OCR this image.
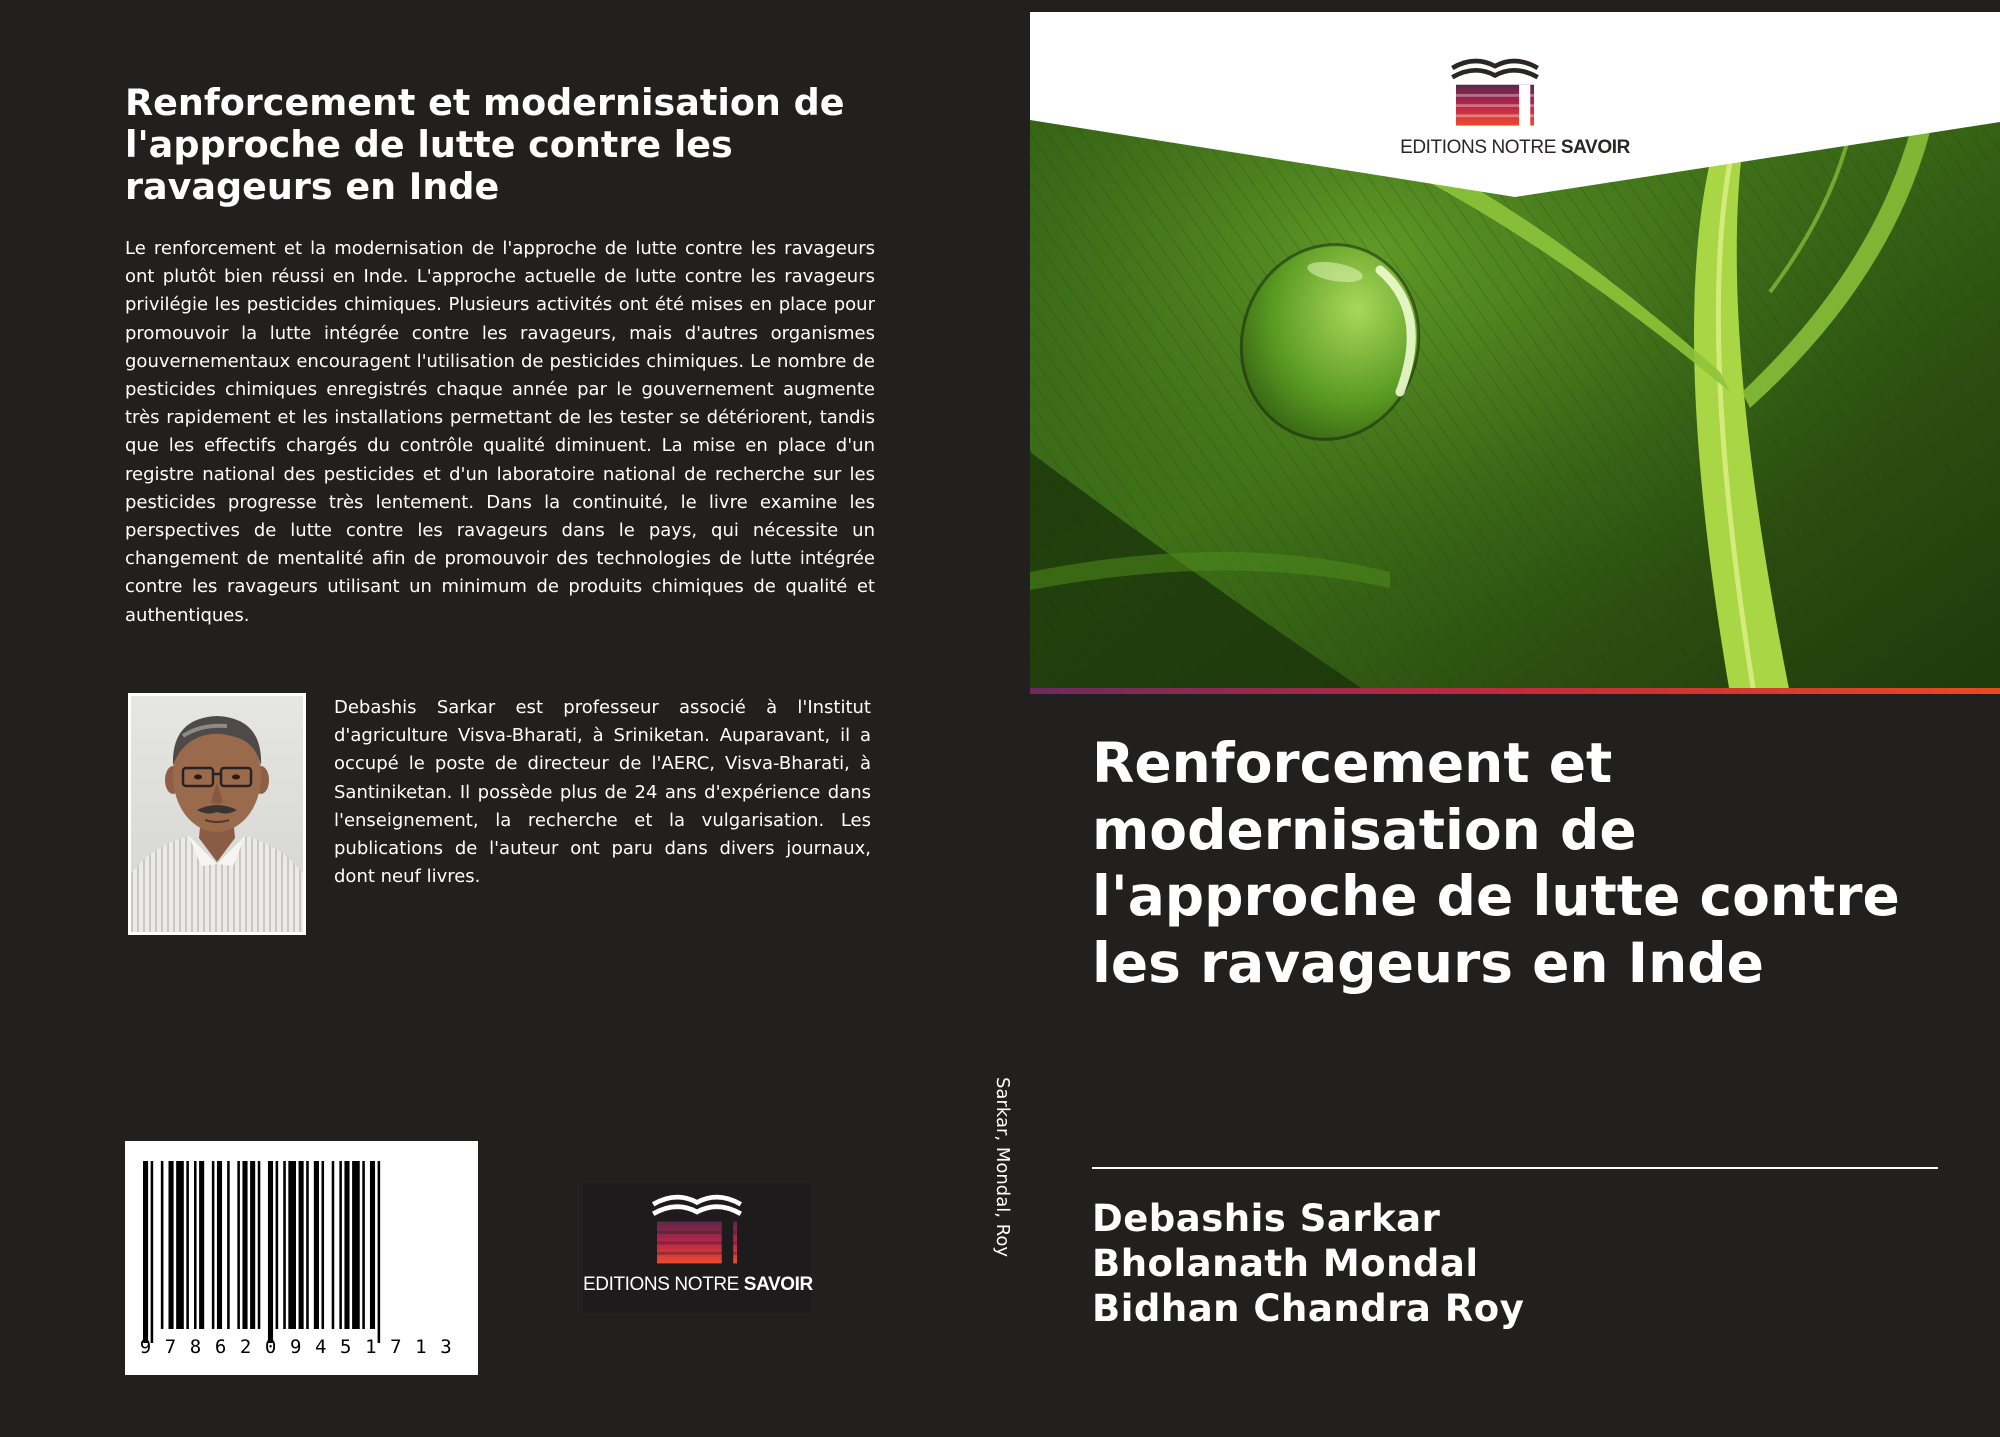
Renforcement et modernisation de l'approche de lutte contre les ravageurs en Inde

Le renforcement et la modernisation de l'approche de lutte contre les ravageurs ont plutôt bien réussi en Inde. L'approche actuelle de lutte contre les ravageurs privilégie les pesticides chimiques. Plusieurs activités ont été mises en place pour promouvoir la lutte intégrée contre les ravageurs, mais d'autres organismes gouvernementaux encouragent l'utilisation de pesticides chimiques. Le nombre de pesticides chimiques enregistrés chaque année par le gouvernement augmente très rapidement et les installations permettant de les tester se détériorent, tandis que les effectifs chargés du contrôle qualité diminuent. La mise en place d'un registre national des pesticides et d'un laboratoire national de recherche sur les pesticides progresse très lentement. Dans la continuité, le livre examine les perspectives de lutte contre les ravageurs dans le pays, qui nécessite un changement de mentalité afin de promouvoir des technologies de lutte intégrée contre les ravageurs utilisant un minimum de produits chimiques de qualité et authentiques.

Debashis Sarkar est professeur associé à l'Institut d'agriculture Visva-Bharati, à Sriniketan. Auparavant, il a occupé le poste de directeur de l'AERC, Visva-Bharati, à Santiniketan. Il possède plus de 24 ans d'expérience dans l'enseignement, la recherche et la vulgarisation. Les publications de l'auteur ont paru dans divers journaux, dont neuf livres.

9786209451713

EDITIONS NOTRE SAVOIR

Sarkar, Mondal, Roy

EDITIONS NOTRE SAVOIR

Renforcement et modernisation de l'approche de lutte contre les ravageurs en Inde
Debashis Sarkar
Bholanath Mondal
Bidhan Chandra Roy
